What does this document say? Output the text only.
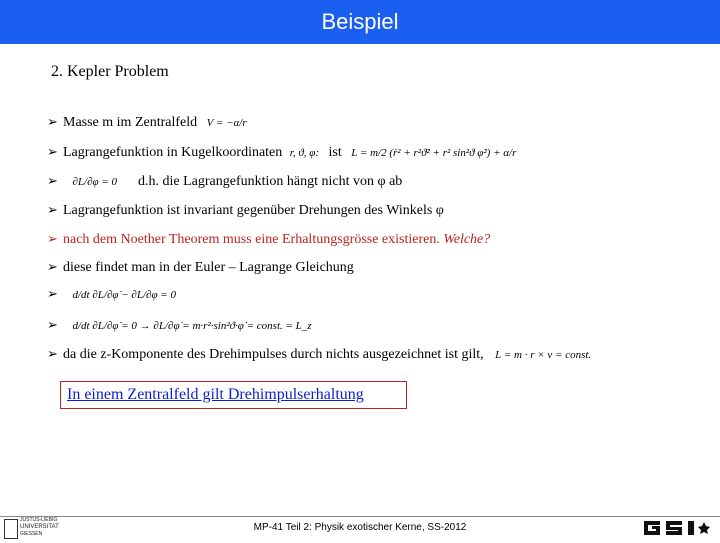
Beispiel
2. Kepler Problem
➢ Masse m im Zentralfeld V = −α/r
➢ Lagrangefunktion in Kugelkoordinaten r, ϑ, φ: ist L = m/2 (ṙ² + r²ϑ̇² + r² sin²ϑ φ̇²) + α/r
➢ ∂L/∂φ = 0 d.h. die Lagrangefunktion hängt nicht von φ ab
➢ Lagrangefunktion ist invariant gegenüber Drehungen des Winkels φ
➢ nach dem Noether Theorem muss eine Erhaltungsgrösse existieren. Welche?
➢ diese findet man in der Euler – Lagrange Gleichung
➢ d/dt ∂L/∂φ̇ − ∂L/∂φ = 0
➢ d/dt ∂L/∂φ̇ = 0 → ∂L/∂φ̇ = m·r²·sin²ϑ·φ̇ = const. = L_z
➢ da die z-Komponente des Drehimpulses durch nichts ausgezeichnet ist gilt, L = m · r × v = const.
In einem Zentralfeld gilt Drehimpulserhaltung
JUSTUS-LIEBIG
UNIVERSITAT
GIESSEN
MP-41 Teil 2: Physik exotischer Kerne, SS-2012
